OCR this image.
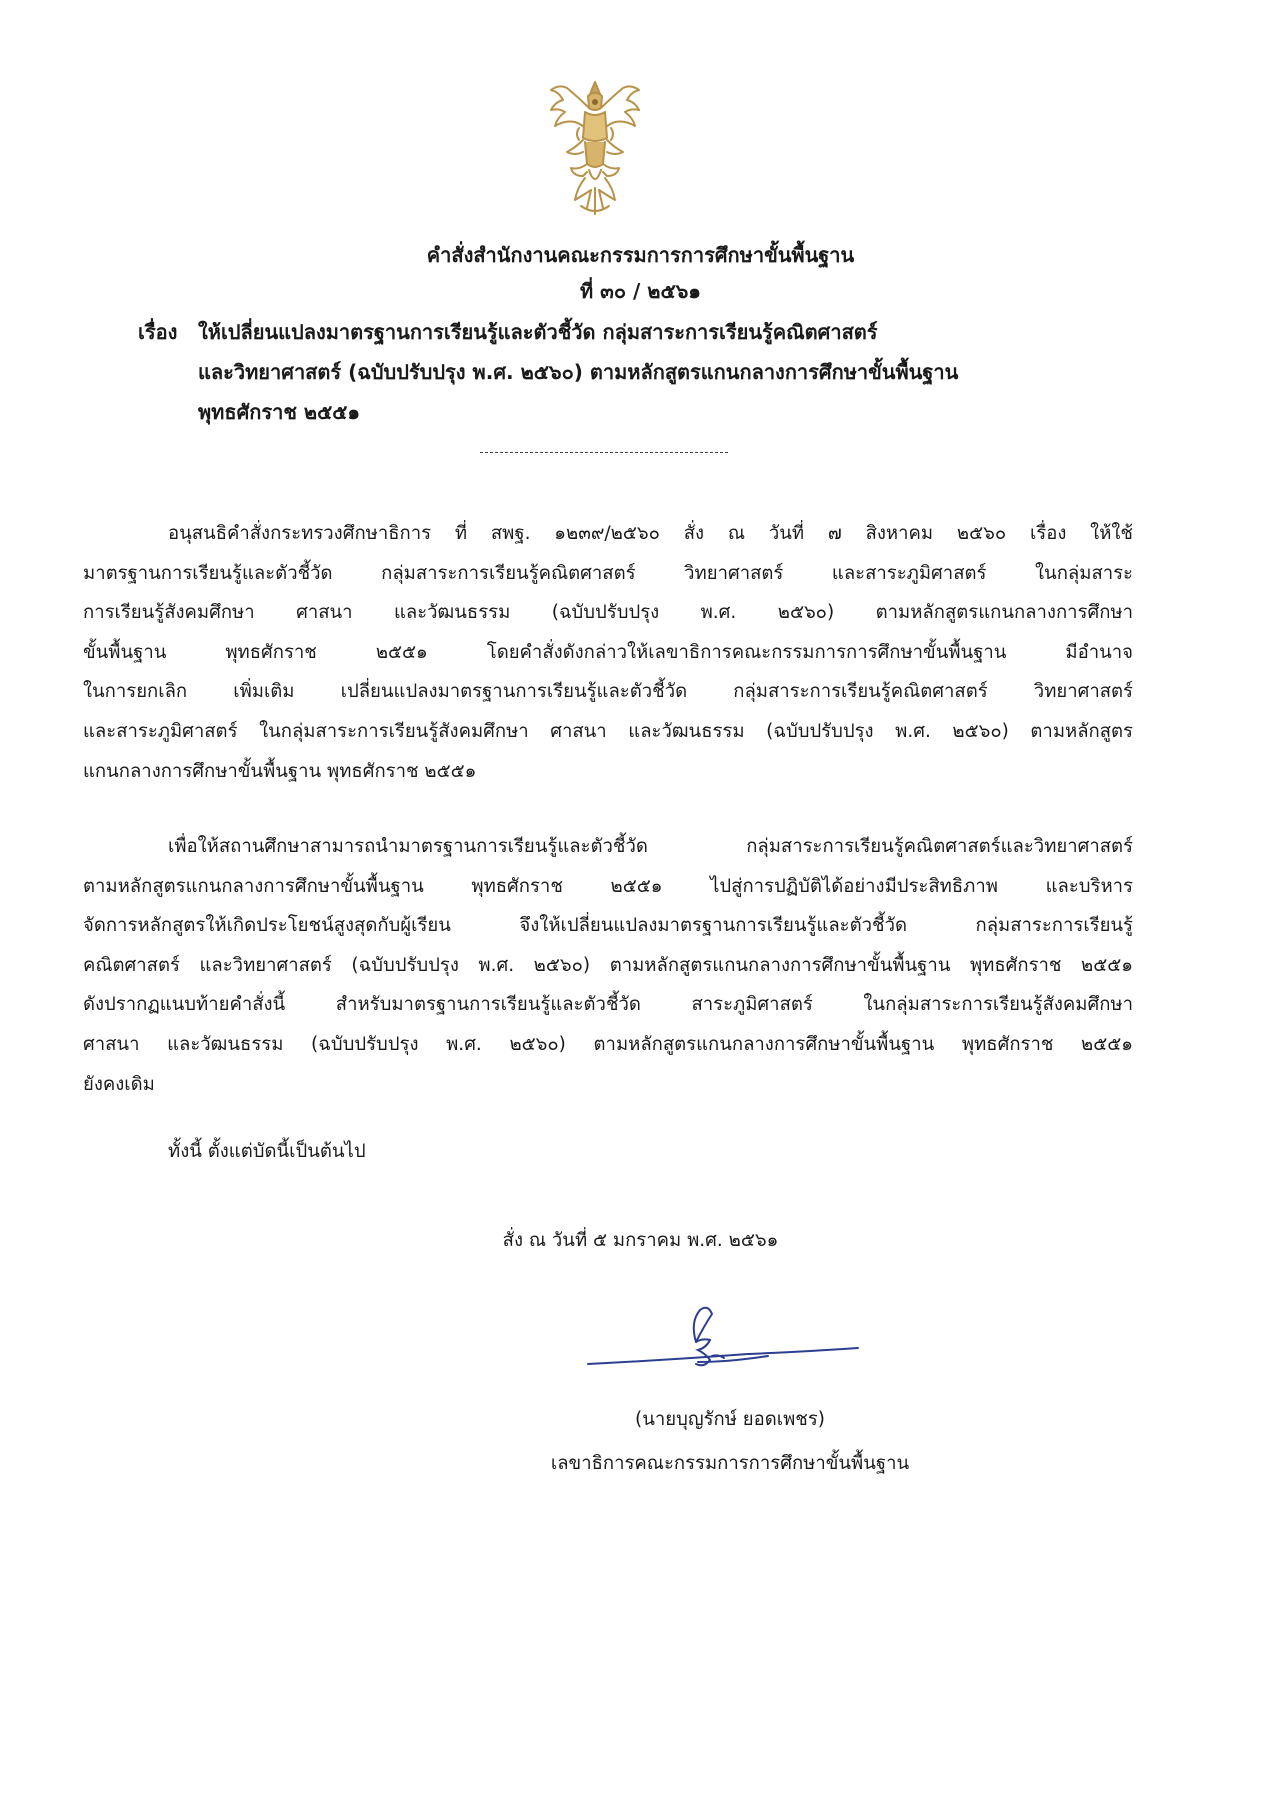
คำสั่งสำนักงานคณะกรรมการการศึกษาขั้นพื้นฐาน
ที่ ๓๐ / ๒๕๖๑
เรื่อง ให้เปลี่ยนแปลงมาตรฐานการเรียนรู้และตัวชี้วัด กลุ่มสาระการเรียนรู้คณิตศาสตร์
และวิทยาศาสตร์ (ฉบับปรับปรุง พ.ศ. ๒๕๖๐) ตามหลักสูตรแกนกลางการศึกษาขั้นพื้นฐาน
พุทธศักราช ๒๕๕๑
อนุสนธิคำสั่งกระทรวงศึกษาธิการ ที่ สพฐ. ๑๒๓๙/๒๕๖๐ สั่ง ณ วันที่ ๗ สิงหาคม ๒๕๖๐ เรื่อง ให้ใช้
มาตรฐานการเรียนรู้และตัวชี้วัด กลุ่มสาระการเรียนรู้คณิตศาสตร์ วิทยาศาสตร์ และสาระภูมิศาสตร์ ในกลุ่มสาระ
การเรียนรู้สังคมศึกษา ศาสนา และวัฒนธรรม (ฉบับปรับปรุง พ.ศ. ๒๕๖๐) ตามหลักสูตรแกนกลางการศึกษา
ขั้นพื้นฐาน พุทธศักราช ๒๕๕๑ โดยคำสั่งดังกล่าวให้เลขาธิการคณะกรรมการการศึกษาขั้นพื้นฐาน มีอำนาจ
ในการยกเลิก เพิ่มเติม เปลี่ยนแปลงมาตรฐานการเรียนรู้และตัวชี้วัด กลุ่มสาระการเรียนรู้คณิตศาสตร์ วิทยาศาสตร์
และสาระภูมิศาสตร์ ในกลุ่มสาระการเรียนรู้สังคมศึกษา ศาสนา และวัฒนธรรม (ฉบับปรับปรุง พ.ศ. ๒๕๖๐) ตามหลักสูตร
แกนกลางการศึกษาขั้นพื้นฐาน พุทธศักราช ๒๕๕๑
เพื่อให้สถานศึกษาสามารถนำมาตรฐานการเรียนรู้และตัวชี้วัด กลุ่มสาระการเรียนรู้คณิตศาสตร์และวิทยาศาสตร์
ตามหลักสูตรแกนกลางการศึกษาขั้นพื้นฐาน พุทธศักราช ๒๕๕๑ ไปสู่การปฏิบัติได้อย่างมีประสิทธิภาพ และบริหาร
จัดการหลักสูตรให้เกิดประโยชน์สูงสุดกับผู้เรียน จึงให้เปลี่ยนแปลงมาตรฐานการเรียนรู้และตัวชี้วัด กลุ่มสาระการเรียนรู้
คณิตศาสตร์ และวิทยาศาสตร์ (ฉบับปรับปรุง พ.ศ. ๒๕๖๐) ตามหลักสูตรแกนกลางการศึกษาขั้นพื้นฐาน พุทธศักราช ๒๕๕๑
ดังปรากฏแนบท้ายคำสั่งนี้ สำหรับมาตรฐานการเรียนรู้และตัวชี้วัด สาระภูมิศาสตร์ ในกลุ่มสาระการเรียนรู้สังคมศึกษา
ศาสนา และวัฒนธรรม (ฉบับปรับปรุง พ.ศ. ๒๕๖๐) ตามหลักสูตรแกนกลางการศึกษาขั้นพื้นฐาน พุทธศักราช ๒๕๕๑
ยังคงเดิม
ทั้งนี้ ตั้งแต่บัดนี้เป็นต้นไป
สั่ง ณ วันที่ ๕ มกราคม พ.ศ. ๒๕๖๑
(นายบุญรักษ์ ยอดเพชร)
เลขาธิการคณะกรรมการการศึกษาขั้นพื้นฐาน
